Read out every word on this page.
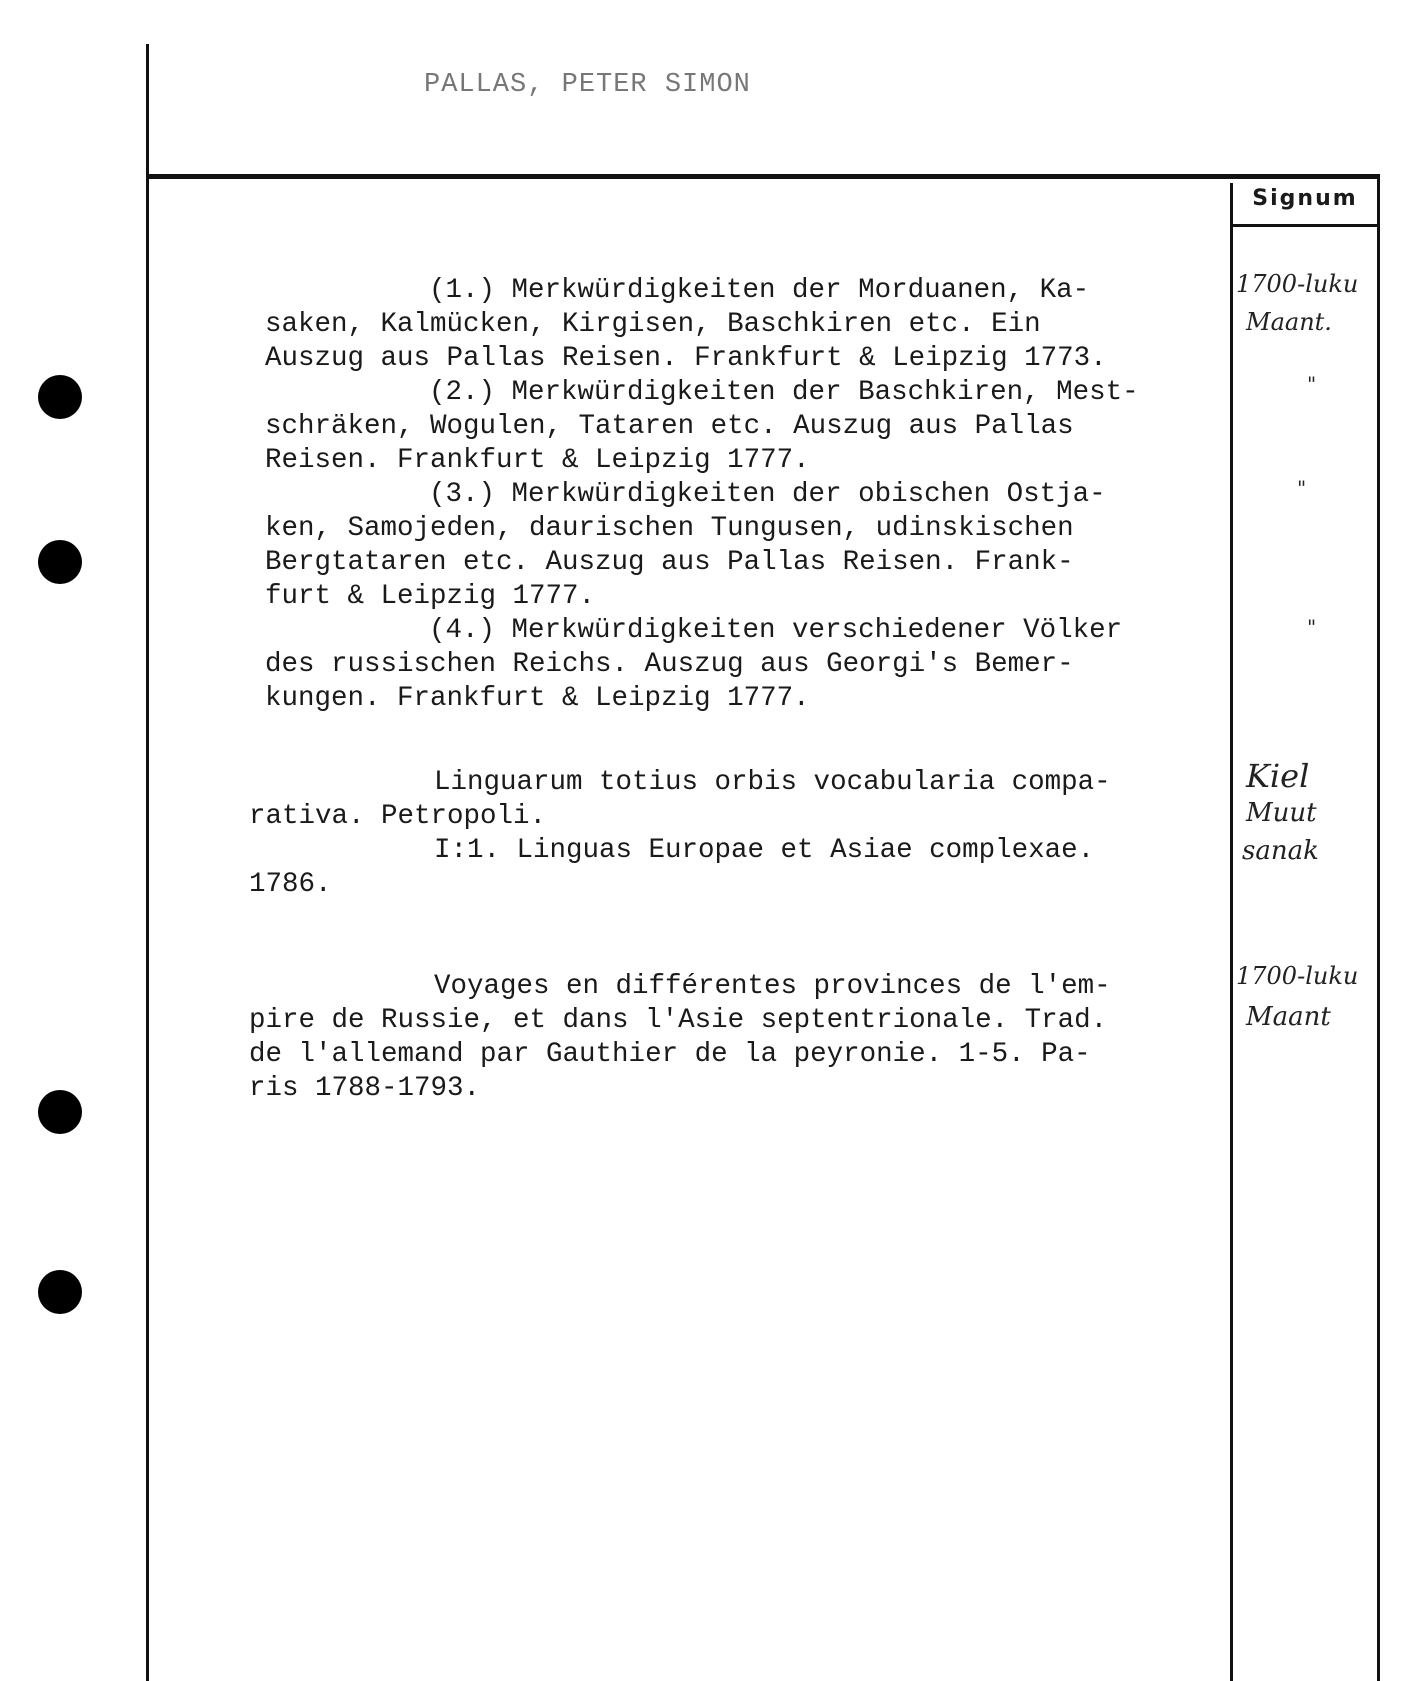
PALLAS, PETER SIMON
Signum
(1.) Merkwürdigkeiten der Morduanen, Ka-
saken, Kalmücken, Kirgisen, Baschkiren etc. Ein
Auszug aus Pallas Reisen. Frankfurt & Leipzig 1773.
(2.) Merkwürdigkeiten der Baschkiren, Mest-
schräken, Wogulen, Tataren etc. Auszug aus Pallas
Reisen. Frankfurt & Leipzig 1777.
(3.) Merkwürdigkeiten der obischen Ostja-
ken, Samojeden, daurischen Tungusen, udinskischen
Bergtataren etc. Auszug aus Pallas Reisen. Frank-
furt & Leipzig 1777.
(4.) Merkwürdigkeiten verschiedener Völker
des russischen Reichs. Auszug aus Georgi's Bemer-
kungen. Frankfurt & Leipzig 1777.
1700-luku
Maant.
"
"
"
Linguarum totius orbis vocabularia compa-
rativa. Petropoli.
I:1. Linguas Europae et Asiae complexae.
1786.
Kiel
Muut
sanak
Voyages en différentes provinces de l'em-
pire de Russie, et dans l'Asie septentrionale. Trad.
de l'allemand par Gauthier de la peyronie. 1-5. Pa-
ris 1788-1793.
1700-luku
Maant
